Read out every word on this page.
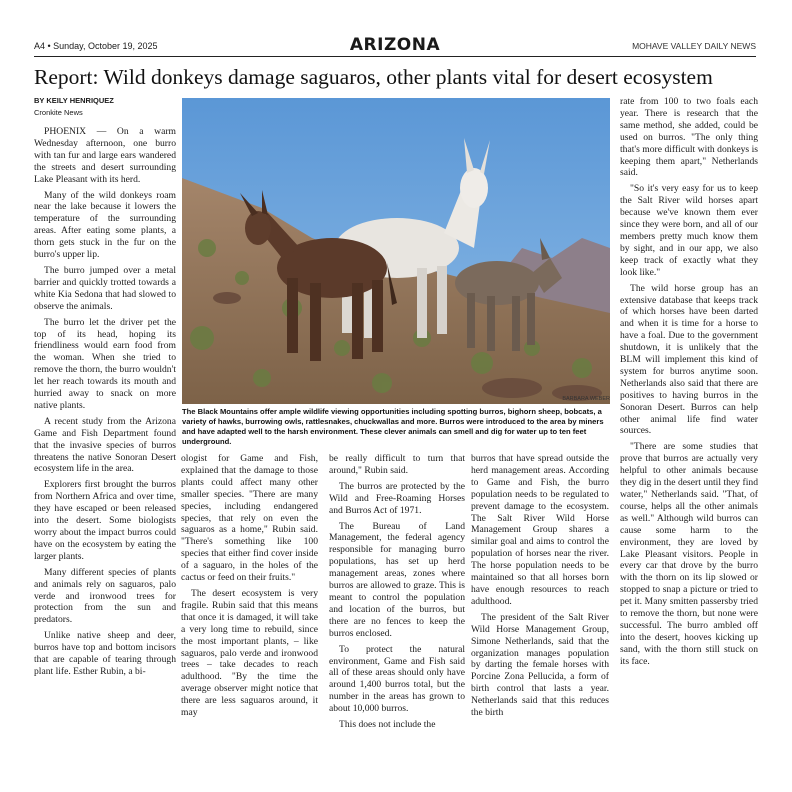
A4 • Sunday, October 19, 2025	ARIZONA	MOHAVE VALLEY DAILY NEWS
Report: Wild donkeys damage saguaros, other plants vital for desert ecosystem
BY KEILY HENRIQUEZ
Cronkite News

PHOENIX — On a warm Wednesday afternoon, one burro with tan fur and large ears wandered the streets and desert surrounding Lake Pleasant with its herd.

Many of the wild donkeys roam near the lake because it lowers the temperature of the surrounding areas. After eating some plants, a thorn gets stuck in the fur on the burro's upper lip.

The burro jumped over a metal barrier and quickly trotted towards a white Kia Sedona that had slowed to observe the animals.

The burro let the driver pet the top of its head, hoping its friendliness would earn food from the woman. When she tried to remove the thorn, the burro wouldn't let her reach towards its mouth and hurried away to snack on more native plants.

A recent study from the Arizona Game and Fish Department found that the invasive species of burros threatens the native Sonoran Desert ecosystem life in the area.

Explorers first brought the burros from Northern Africa and over time, they have escaped or been released into the desert. Some biologists worry about the impact burros could have on the ecosystem by eating the larger plants.

Many different species of plants and animals rely on saguaros, palo verde and ironwood trees for protection from the sun and predators.

Unlike native sheep and deer, burros have top and bottom incisors that are capable of tearing through plant life. Esther Rubin, a bi-

BARBARA WEBER
The Black Mountains offer ample wildlife viewing opportunities including spotting burros, bighorn sheep, bobcats, a variety of hawks, burrowing owls, rattlesnakes, chuckwallas and more. Burros were introduced to the area by miners and have adapted well to the harsh environment. These clever animals can smell and dig for water up to ten feet underground.

ologist for Game and Fish, explained that the damage to those plants could affect many other smaller species. "There are many species, including endangered species, that rely on even the saguaros as a home," Rubin said. "There's something like 100 species that either find cover inside of a saguaro, in the holes of the cactus or feed on their fruits."

The desert ecosystem is very fragile. Rubin said that this means that once it is damaged, it will take a very long time to rebuild, since the most important plants, – like saguaros, palo verde and ironwood trees – take decades to reach adulthood. "By the time the average observer might notice that there are less saguaros around, it may

be really difficult to turn that around," Rubin said.

The burros are protected by the Wild and Free-Roaming Horses and Burros Act of 1971.

The Bureau of Land Management, the federal agency responsible for managing burro populations, has set up herd management areas, zones where burros are allowed to graze. This is meant to control the population and location of the burros, but there are no fences to keep the burros enclosed.

To protect the natural environment, Game and Fish said all of these areas should only have around 1,400 burros total, but the number in the areas has grown to about 10,000 burros.

This does not include the

burros that have spread outside the herd management areas. According to Game and Fish, the burro population needs to be regulated to prevent damage to the ecosystem. The Salt River Wild Horse Management Group shares a similar goal and aims to control the population of horses near the river. The horse population needs to be maintained so that all horses born have enough resources to reach adulthood.

The president of the Salt River Wild Horse Management Group, Simone Netherlands, said that the organization manages population by darting the female horses with Porcine Zona Pellucida, a form of birth control that lasts a year. Netherlands said that this reduces the birth

rate from 100 to two foals each year. There is research that the same method, she added, could be used on burros. "The only thing that's more difficult with donkeys is keeping them apart," Netherlands said.

"So it's very easy for us to keep the Salt River wild horses apart because we've known them ever since they were born, and all of our members pretty much know them by sight, and in our app, we also keep track of exactly what they look like."

The wild horse group has an extensive database that keeps track of which horses have been darted and when it is time for a horse to have a foal. Due to the government shutdown, it is unlikely that the BLM will implement this kind of system for burros anytime soon. Netherlands also said that there are positives to having burros in the Sonoran Desert. Burros can help other animal life find water sources.

"There are some studies that prove that burros are actually very helpful to other animals because they dig in the desert until they find water," Netherlands said. "That, of course, helps all the other animals as well." Although wild burros can cause some harm to the environment, they are loved by Lake Pleasant visitors. People in every car that drove by the burro with the thorn on its lip slowed or stopped to snap a picture or tried to pet it. Many smitten passersby tried to remove the thorn, but none were successful. The burro ambled off into the desert, hooves kicking up sand, with the thorn still stuck on its face.
